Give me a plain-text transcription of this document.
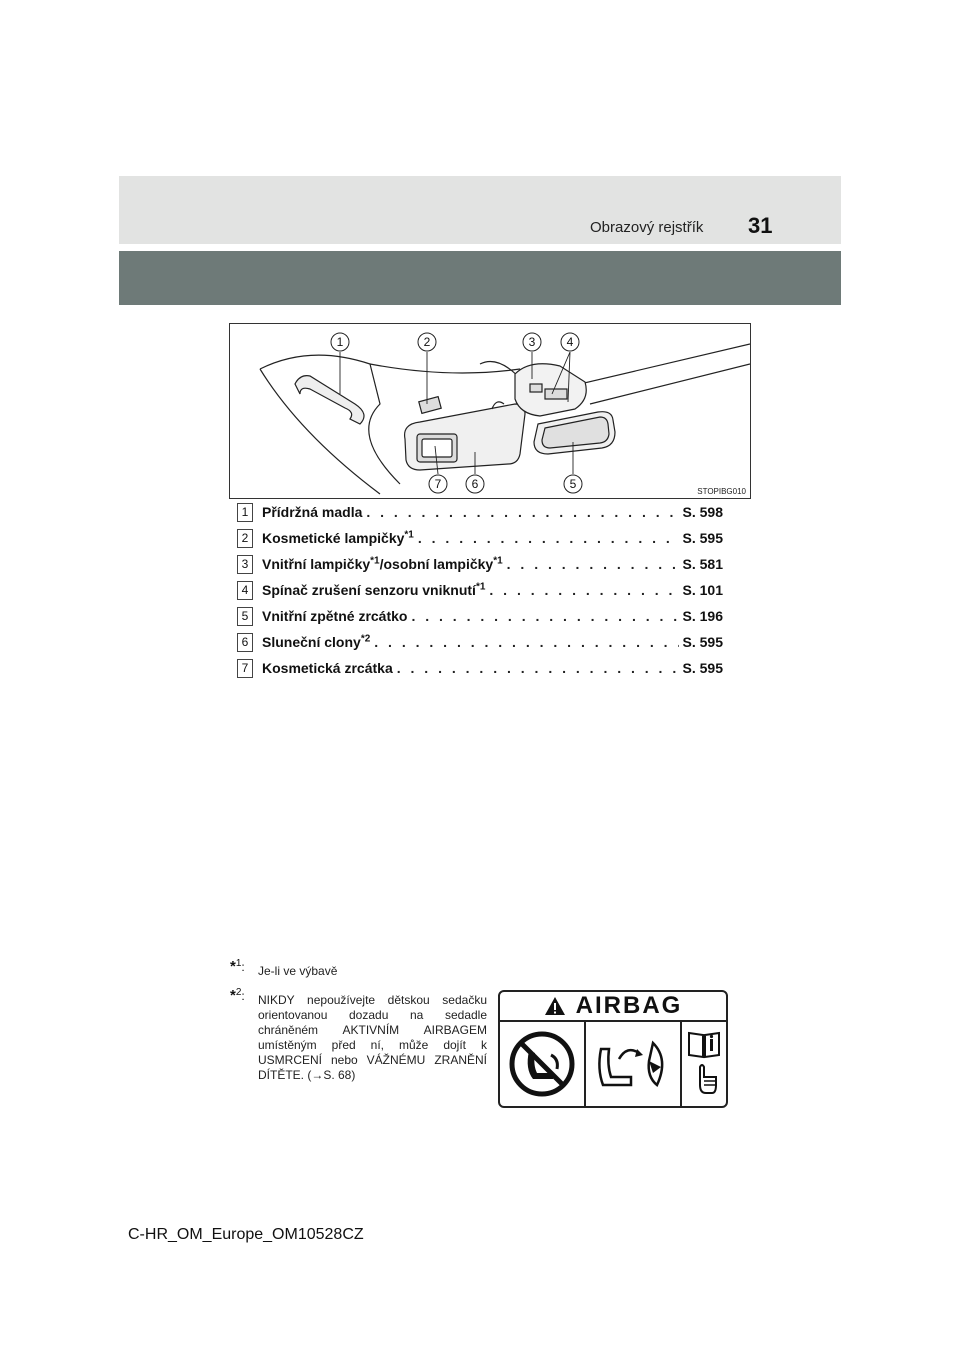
Obrazový rejstřík 31
1	2	3	4
5
6
7
STOPIBG010
1 Přídržná madla . . .	S. 598
2 Kosmetické lampičky$^{*1}$ . . .	S. 595
3 Vnitřní lampičky$^{*1}$/osobní lampičky$^{*1}$ . . .	S. 581
4 Spínač zrušení senzoru vniknutí$^{*1}$ . . .	S. 101
5 Vnitřní zpětné zrcátko . . .	S. 196
6 Sluneční clony$^{*2}$ . . .	S. 595
7 Kosmetická zrcátka . . .	S. 595
*$^1$: Je-li ve výbavě
*$^2$: NIKDY nepoužívejte dětskou sedačku orientovanou dozadu na sedadle chráněném AKTIVNÍM AIRBAGEM umístěným před ní, může dojít k USMRCENÍ nebo VÁŽNÉMU ZRANĚNÍ DÍTĚTE. (→S. 68)
AIRBAG
C-HR_OM_Europe_OM10528CZ
